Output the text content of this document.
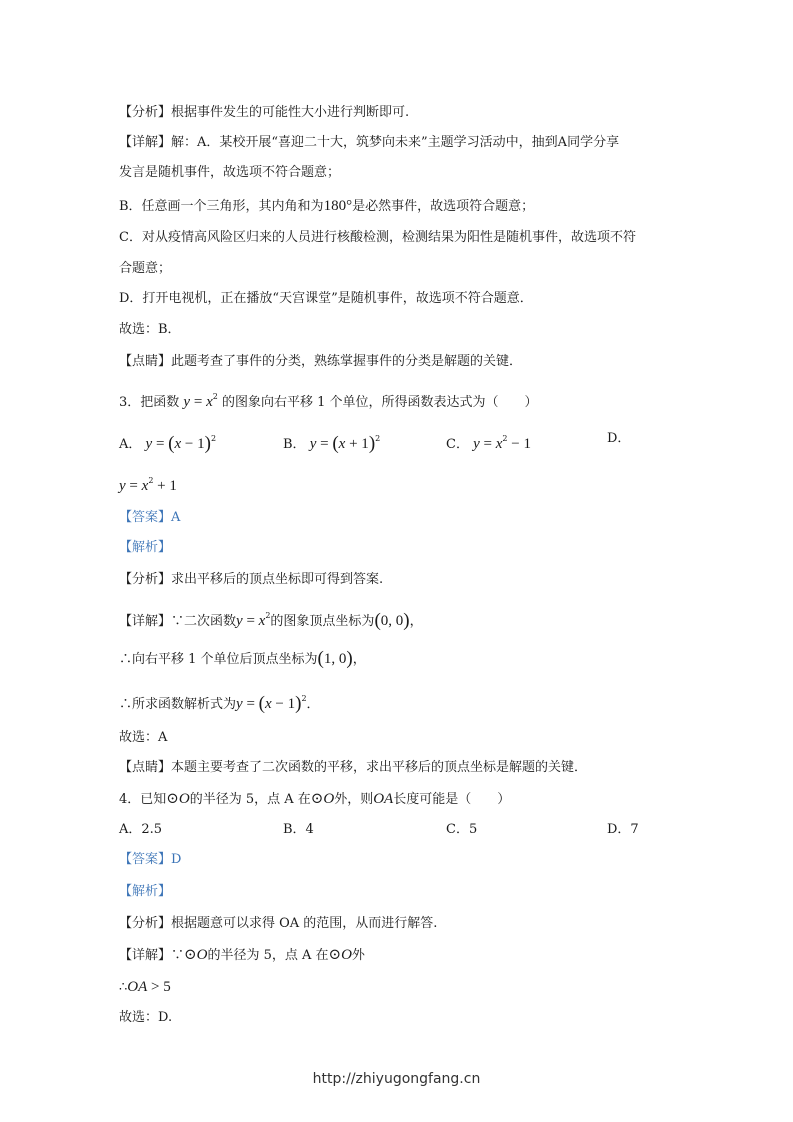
【分析】根据事件发生的可能性大小进行判断即可.
【详解】解：A．某校开展“喜迎二十大，筑梦向未来”主题学习活动中，抽到A同学分享
发言是随机事件，故选项不符合题意；
B．任意画一个三角形，其内角和为180°是必然事件，故选项符合题意；
C．对从疫情高风险区归来的人员进行核酸检测，检测结果为阳性是随机事件，故选项不符
合题意；
D．打开电视机，正在播放“天宫课堂”是随机事件，故选项不符合题意．
故选：B．
【点睛】此题考查了事件的分类，熟练掌握事件的分类是解题的关键．
3．把函数 $y = x^2$ 的图象向右平移 1 个单位，所得函数表达式为（　　）
A． $y = (x - 1)^2$	B． $y = (x + 1)^2$	C． $y = x^2 - 1$	D．
$y = x^2 + 1$
【答案】A
【解析】
【分析】求出平移后的顶点坐标即可得到答案.
【详解】∵二次函数$y = x^2$的图象顶点坐标为(0, 0)，
∴向右平移 1 个单位后顶点坐标为(1, 0)，
∴所求函数解析式为$y = (x - 1)^2$．
故选：A
【点睛】本题主要考查了二次函数的平移，求出平移后的顶点坐标是解题的关键．
4．已知⊙O的半径为 5，点 A 在⊙O外，则OA长度可能是（　　）
A．2.5	B．4	C．5	D．7
【答案】D
【解析】
【分析】根据题意可以求得 OA 的范围，从而进行解答.
【详解】∵⊙O的半径为 5，点 A 在⊙O外
∴OA > 5
故选：D.
http://zhiyugongfang.cn
